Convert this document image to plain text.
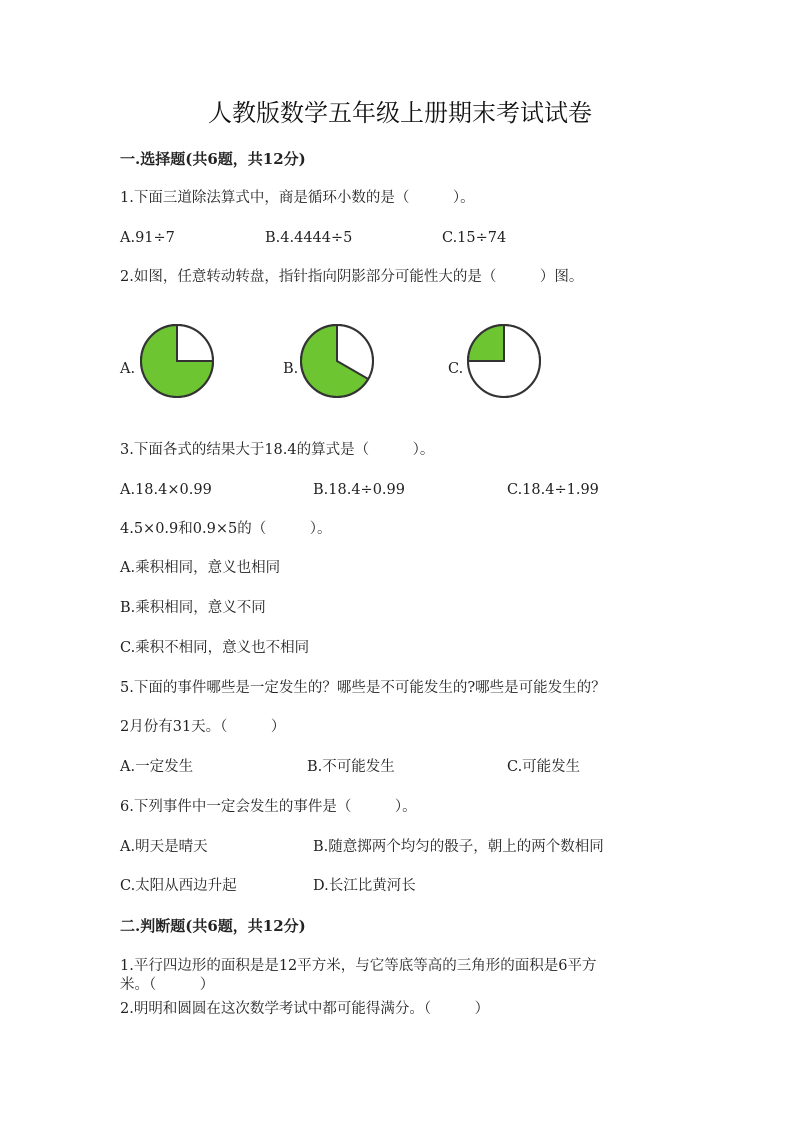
人教版数学五年级上册期末考试试卷
一.选择题(共6题，共12分)
1.下面三道除法算式中，商是循环小数的是（　　　）。
A.91÷7	B.4.4444÷5	C.15÷74
2.如图，任意转动转盘，指针指向阴影部分可能性大的是（　　　）图。
A.	B.	C.
3.下面各式的结果大于18.4的算式是（　　　）。
A.18.4×0.99	B.18.4÷0.99	C.18.4÷1.99
4.5×0.9和0.9×5的（　　　）。
A.乘积相同，意义也相同
B.乘积相同，意义不同
C.乘积不相同，意义也不相同
5.下面的事件哪些是一定发生的？哪些是不可能发生的?哪些是可能发生的？
2月份有31天。（　　　）
A.一定发生	B.不可能发生	C.可能发生
6.下列事件中一定会发生的事件是（　　　）。
A.明天是晴天	B.随意掷两个均匀的骰子，朝上的两个数相同
C.太阳从西边升起	D.长江比黄河长
二.判断题(共6题，共12分)
1.平行四边形的面积是是12平方米，与它等底等高的三角形的面积是6平方
米。（　　　）
2.明明和圆圆在这次数学考试中都可能得满分。（　　　）
